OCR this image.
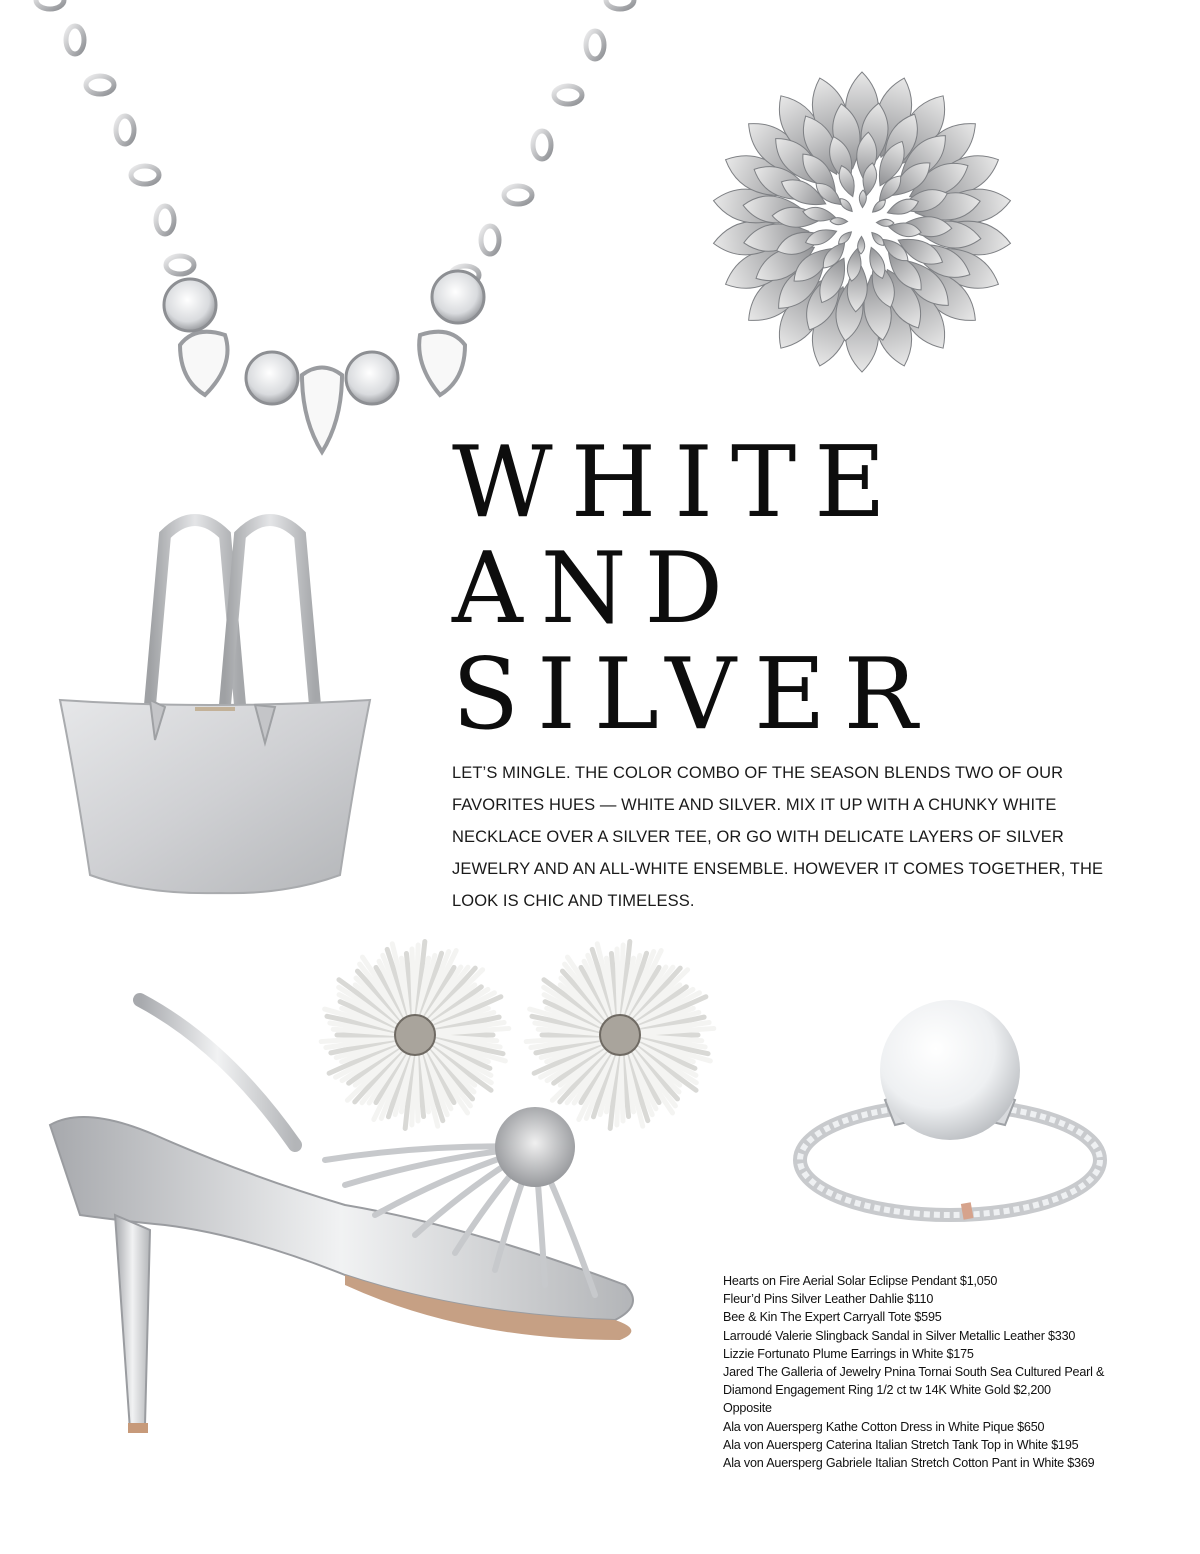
WHITE
AND
SILVER
LET’S MINGLE. THE COLOR COMBO OF THE SEASON BLENDS TWO OF OUR FAVORITES HUES — WHITE AND SILVER. MIX IT UP WITH A CHUNKY WHITE NECKLACE OVER A SILVER TEE, OR GO WITH DELICATE LAYERS OF SILVER JEWELRY AND AN ALL-WHITE ENSEMBLE. HOWEVER IT COMES TOGETHER, THE LOOK IS CHIC AND TIMELESS.
Hearts on Fire Aerial Solar Eclipse Pendant $1,050
Fleur’d Pins Silver Leather Dahlie $110
Bee & Kin The Expert Carryall Tote $595
Larroudé Valerie Slingback Sandal in Silver Metallic Leather $330
Lizzie Fortunato Plume Earrings in White $175
Jared The Galleria of Jewelry Pnina Tornai South Sea Cultured Pearl &
Diamond Engagement Ring 1/2 ct tw 14K White Gold $2,200
Opposite
Ala von Auersperg Kathe Cotton Dress in White Pique $650
Ala von Auersperg Caterina Italian Stretch Tank Top in White $195
Ala von Auersperg Gabriele Italian Stretch Cotton Pant in White $369
